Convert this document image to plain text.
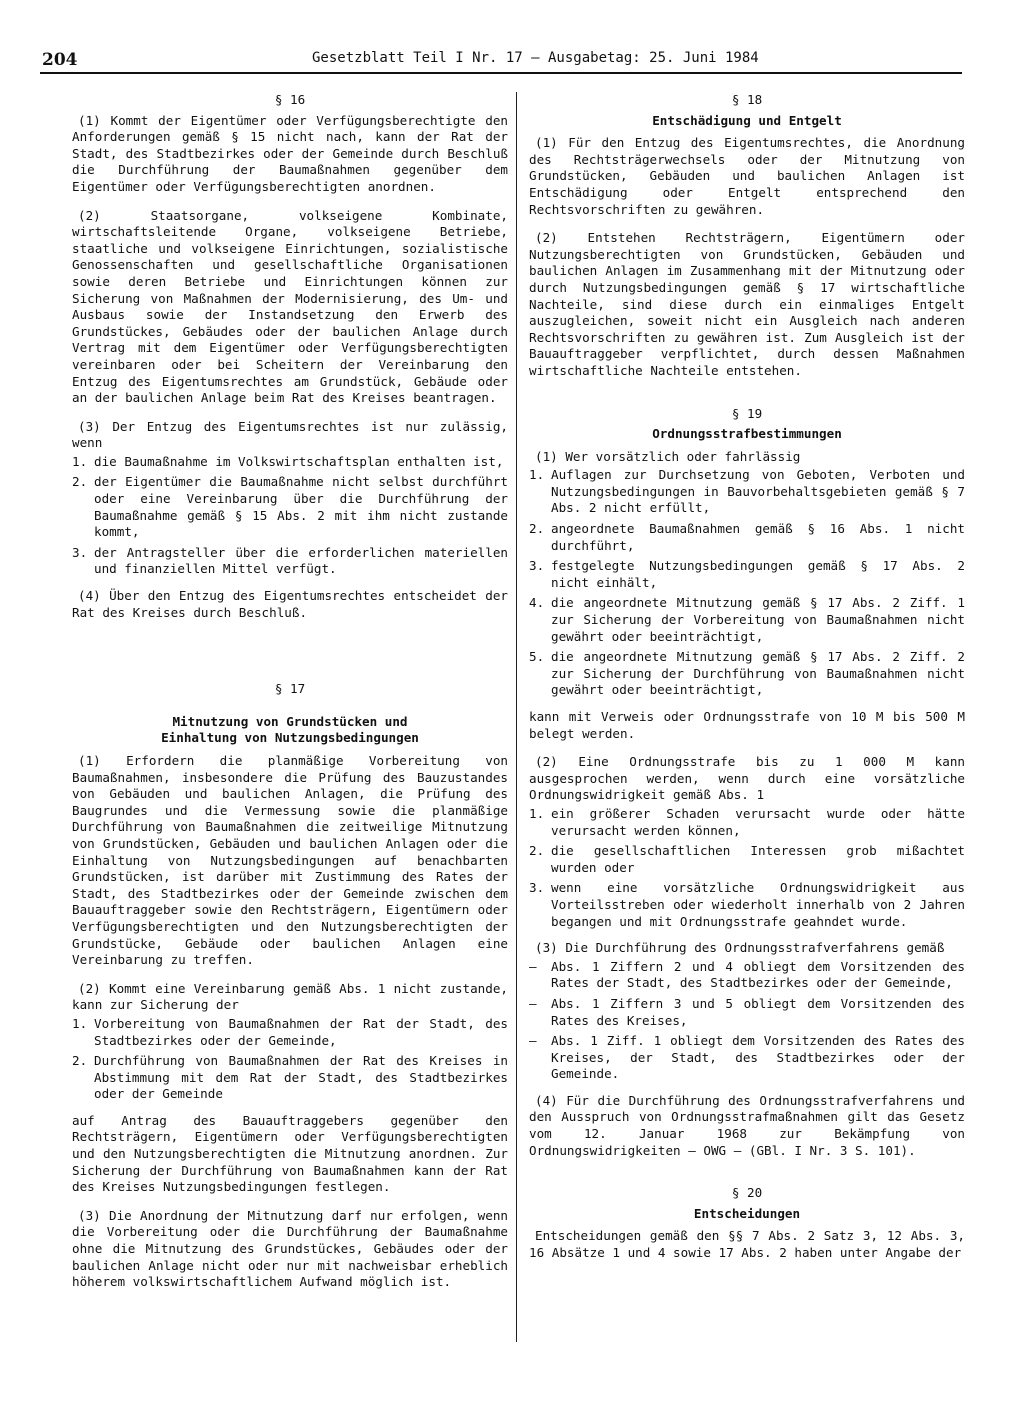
204	Gesetzblatt Teil I Nr. 17 — Ausgabetag: 25. Juni 1984
§ 16

(1) Kommt der Eigentümer oder Verfügungsberechtigte den Anforderungen gemäß § 15 nicht nach, kann der Rat der Stadt, des Stadtbezirkes oder der Gemeinde durch Beschluß die Durchführung der Baumaßnahmen gegenüber dem Eigentümer oder Verfügungsberechtigten anordnen.

(2) Staatsorgane, volkseigene Kombinate, wirtschaftsleitende Organe, volkseigene Betriebe, staatliche und volkseigene Einrichtungen, sozialistische Genossenschaften und gesellschaftliche Organisationen sowie deren Betriebe und Einrichtungen können zur Sicherung von Maßnahmen der Modernisierung, des Um- und Ausbaus sowie der Instandsetzung den Erwerb des Grundstückes, Gebäudes oder der baulichen Anlage durch Vertrag mit dem Eigentümer oder Verfügungsberechtigten vereinbaren oder bei Scheitern der Vereinbarung den Entzug des Eigentumsrechtes am Grundstück, Gebäude oder an der baulichen Anlage beim Rat des Kreises beantragen.

(3) Der Entzug des Eigentumsrechtes ist nur zulässig, wenn

1. die Baumaßnahme im Volkswirtschaftsplan enthalten ist,
2. der Eigentümer die Baumaßnahme nicht selbst durchführt oder eine Vereinbarung über die Durchführung der Baumaßnahme gemäß § 15 Abs. 2 mit ihm nicht zustande kommt,
3. der Antragsteller über die erforderlichen materiellen und finanziellen Mittel verfügt.

(4) Über den Entzug des Eigentumsrechtes entscheidet der Rat des Kreises durch Beschluß.

§ 17
Mitnutzung von Grundstücken und
Einhaltung von Nutzungsbedingungen

(1) Erfordern die planmäßige Vorbereitung von Baumaßnahmen, insbesondere die Prüfung des Bauzustandes von Gebäuden und baulichen Anlagen, die Prüfung des Baugrundes und die Vermessung sowie die planmäßige Durchführung von Baumaßnahmen die zeitweilige Mitnutzung von Grundstücken, Gebäuden und baulichen Anlagen oder die Einhaltung von Nutzungsbedingungen auf benachbarten Grundstücken, ist darüber mit Zustimmung des Rates der Stadt, des Stadtbezirkes oder der Gemeinde zwischen dem Bauauftraggeber sowie den Rechtsträgern, Eigentümern oder Verfügungsberechtigten und den Nutzungsberechtigten der Grundstücke, Gebäude oder baulichen Anlagen eine Vereinbarung zu treffen.

(2) Kommt eine Vereinbarung gemäß Abs. 1 nicht zustande, kann zur Sicherung der

1. Vorbereitung von Baumaßnahmen der Rat der Stadt, des Stadtbezirkes oder der Gemeinde,
2. Durchführung von Baumaßnahmen der Rat des Kreises in Abstimmung mit dem Rat der Stadt, des Stadtbezirkes oder der Gemeinde

auf Antrag des Bauauftraggebers gegenüber den Rechtsträgern, Eigentümern oder Verfügungsberechtigten und den Nutzungsberechtigten die Mitnutzung anordnen. Zur Sicherung der Durchführung von Baumaßnahmen kann der Rat des Kreises Nutzungsbedingungen festlegen.

(3) Die Anordnung der Mitnutzung darf nur erfolgen, wenn die Vorbereitung oder die Durchführung der Baumaßnahme ohne die Mitnutzung des Grundstückes, Gebäudes oder der baulichen Anlage nicht oder nur mit nachweisbar erheblich höherem volkswirtschaftlichem Aufwand möglich ist.

§ 18
Entschädigung und Entgelt

(1) Für den Entzug des Eigentumsrechtes, die Anordnung des Rechtsträgerwechsels oder der Mitnutzung von Grundstücken, Gebäuden und baulichen Anlagen ist Entschädigung oder Entgelt entsprechend den Rechtsvorschriften zu gewähren.

(2) Entstehen Rechtsträgern, Eigentümern oder Nutzungsberechtigten von Grundstücken, Gebäuden und baulichen Anlagen im Zusammenhang mit der Mitnutzung oder durch Nutzungsbedingungen gemäß § 17 wirtschaftliche Nachteile, sind diese durch ein einmaliges Entgelt auszugleichen, soweit nicht ein Ausgleich nach anderen Rechtsvorschriften zu gewähren ist. Zum Ausgleich ist der Bauauftraggeber verpflichtet, durch dessen Maßnahmen wirtschaftliche Nachteile entstehen.

§ 19
Ordnungsstrafbestimmungen

(1) Wer vorsätzlich oder fahrlässig

1. Auflagen zur Durchsetzung von Geboten, Verboten und Nutzungsbedingungen in Bauvorbehaltsgebieten gemäß § 7 Abs. 2 nicht erfüllt,
2. angeordnete Baumaßnahmen gemäß § 16 Abs. 1 nicht durchführt,
3. festgelegte Nutzungsbedingungen gemäß § 17 Abs. 2 nicht einhält,
4. die angeordnete Mitnutzung gemäß § 17 Abs. 2 Ziff. 1 zur Sicherung der Vorbereitung von Baumaßnahmen nicht gewährt oder beeinträchtigt,
5. die angeordnete Mitnutzung gemäß § 17 Abs. 2 Ziff. 2 zur Sicherung der Durchführung von Baumaßnahmen nicht gewährt oder beeinträchtigt,

kann mit Verweis oder Ordnungsstrafe von 10 M bis 500 M belegt werden.

(2) Eine Ordnungsstrafe bis zu 1 000 M kann ausgesprochen werden, wenn durch eine vorsätzliche Ordnungswidrigkeit gemäß Abs. 1

1. ein größerer Schaden verursacht wurde oder hätte verursacht werden können,
2. die gesellschaftlichen Interessen grob mißachtet wurden oder
3. wenn eine vorsätzliche Ordnungswidrigkeit aus Vorteilsstreben oder wiederholt innerhalb von 2 Jahren begangen und mit Ordnungsstrafe geahndet wurde.

(3) Die Durchführung des Ordnungsstrafverfahrens gemäß

— Abs. 1 Ziffern 2 und 4 obliegt dem Vorsitzenden des Rates der Stadt, des Stadtbezirkes oder der Gemeinde,
— Abs. 1 Ziffern 3 und 5 obliegt dem Vorsitzenden des Rates des Kreises,
— Abs. 1 Ziff. 1 obliegt dem Vorsitzenden des Rates des Kreises, der Stadt, des Stadtbezirkes oder der Gemeinde.

(4) Für die Durchführung des Ordnungsstrafverfahrens und den Ausspruch von Ordnungsstrafmaßnahmen gilt das Gesetz vom 12. Januar 1968 zur Bekämpfung von Ordnungswidrigkeiten — OWG — (GBl. I Nr. 3 S. 101).

§ 20
Entscheidungen

Entscheidungen gemäß den §§ 7 Abs. 2 Satz 3, 12 Abs. 3, 16 Absätze 1 und 4 sowie 17 Abs. 2 haben unter Angabe der
